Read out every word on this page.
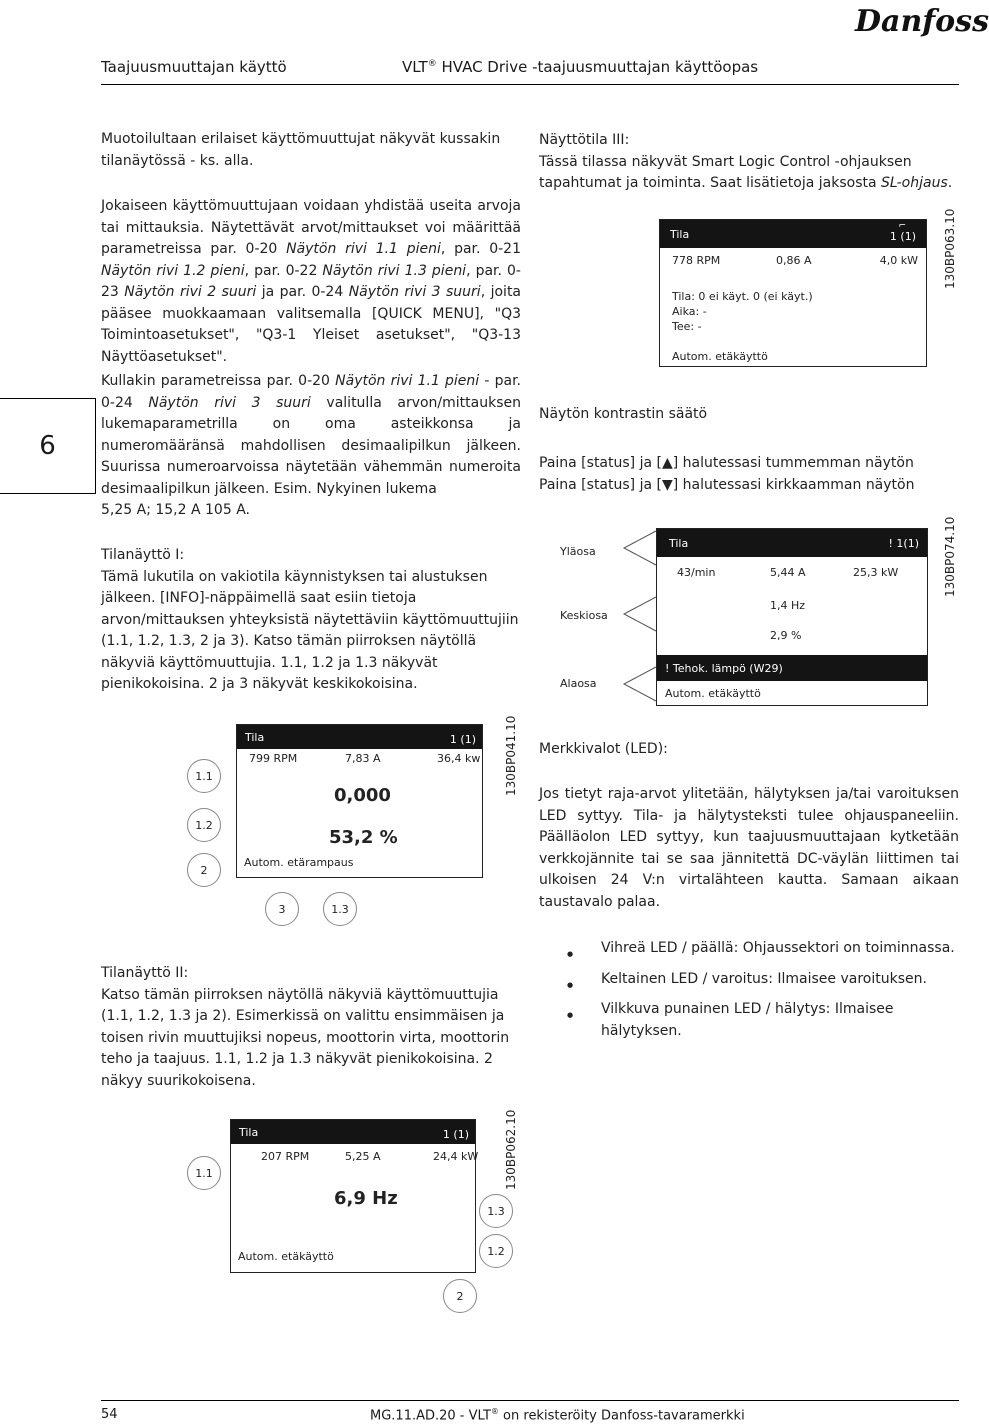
Taajuusmuuttajan käyttö	VLT® HVAC Drive -taajuusmuuttajan käyttöopas
Danfoss
6

Muotoilultaan erilaiset käyttömuuttujat näkyvät kussakin tilanäytössä - ks. alla.

Jokaiseen käyttömuuttujaan voidaan yhdistää useita arvoja tai mittauksia. Näytettävät arvot/mittaukset voi määrittää parametreissa par. 0-20 Näytön rivi 1.1 pieni, par. 0-21 Näytön rivi 1.2 pieni, par. 0-22 Näytön rivi 1.3 pieni, par. 0-23 Näytön rivi 2 suuri ja par. 0-24 Näytön rivi 3 suuri, joita pääsee muokkaamaan valitsemalla [QUICK MENU], "Q3 Toimintoasetukset", "Q3-1 Yleiset asetukset", "Q3-13 Näyttöasetukset".
Kullakin parametreissa par. 0-20 Näytön rivi 1.1 pieni - par. 0-24 Näytön rivi 3 suuri valitulla arvon/mittauksen lukemaparametrilla on oma asteikkonsa ja numeromääränsä mahdollisen desimaalipilkun jälkeen. Suurissa numeroarvoissa näytetään vähemmän numeroita desimaalipilkun jälkeen. Esim. Nykyinen lukema
5,25 A; 15,2 A 105 A.

Tilanäyttö I:

Tämä lukutila on vakiotila käynnistyksen tai alustuksen jälkeen. [INFO]-näppäimellä saat esiin tietoja arvon/mittauksen yhteyksistä näytettäviin käyttömuuttujiin (1.1, 1.2, 1.3, 2 ja 3). Katso tämän piirroksen näytöllä näkyviä käyttömuuttujia. 1.1, 1.2 ja 1.3 näkyvät pienikokoisina. 2 ja 3 näkyvät keskikokoisina.

Tilanäyttö II:

Katso tämän piirroksen näytöllä näkyviä käyttömuuttujia (1.1, 1.2, 1.3 ja 2). Esimerkissä on valittu ensimmäisen ja toisen rivin muuttujiksi nopeus, moottorin virta, moottorin teho ja taajuus. 1.1, 1.2 ja 1.3 näkyvät pienikokoisina. 2 näkyy suurikokoisena.

Näyttötila III:

Tässä tilassa näkyvät Smart Logic Control -ohjauksen tapahtumat ja toiminta. Saat lisätietoja jaksosta SL-ohjaus.

Näytön kontrastin säätö

Paina [status] ja [▲] halutessasi tummemman näytön

Paina [status] ja [▼] halutessasi kirkkaamman näytön

Merkkivalot (LED):
Jos tietyt raja-arvot ylitetään, hälytyksen ja/tai varoituksen LED syttyy. Tila- ja hälytysteksti tulee ohjauspaneeliin. Päälläolon LED syttyy, kun taajuusmuuttajaan kytketään verkkojännite tai se saa jännitettä DC-väylän liittimen tai ulkoisen 24 V:n virtalähteen kautta. Samaan aikaan taustavalo palaa.
● Vihreä LED / päällä: Ohjaussektori on toiminnassa.
● Keltainen LED / varoitus: Ilmaisee varoituksen.
● Vilkkuva punainen LED / hälytys: Ilmaisee hälytyksen.
Tila	1 (1)
⌐
778 RPM	0,86 A	4,0 kW
Tila: 0 ei käyt. 0 (ei käyt.)
Aika: -
Tee: -
Autom. etäkäyttö
130BP063.10
Yläosa
Keskiosa
Alaosa
Tila	! 1(1)
43/min	5,44 A	25,3 kW
1,4 Hz
2,9 %
! Tehok. lämpö (W29)
Autom. etäkäyttö
130BP074.10
1.1
1.2
2
3	1.3
Tila	1 (1)
799 RPM	7,83 A	36,4 kw
0,000
53,2 %
Autom. etärampaus
130BP041.10
1.1
1.3
1.2
2
Tila	1 (1)
207 RPM	5,25 A	24,4 kW
6,9 Hz
Autom. etäkäyttö
130BP062.10
54	MG.11.AD.20 - VLT® on rekisteröity Danfoss-tavaramerkki
